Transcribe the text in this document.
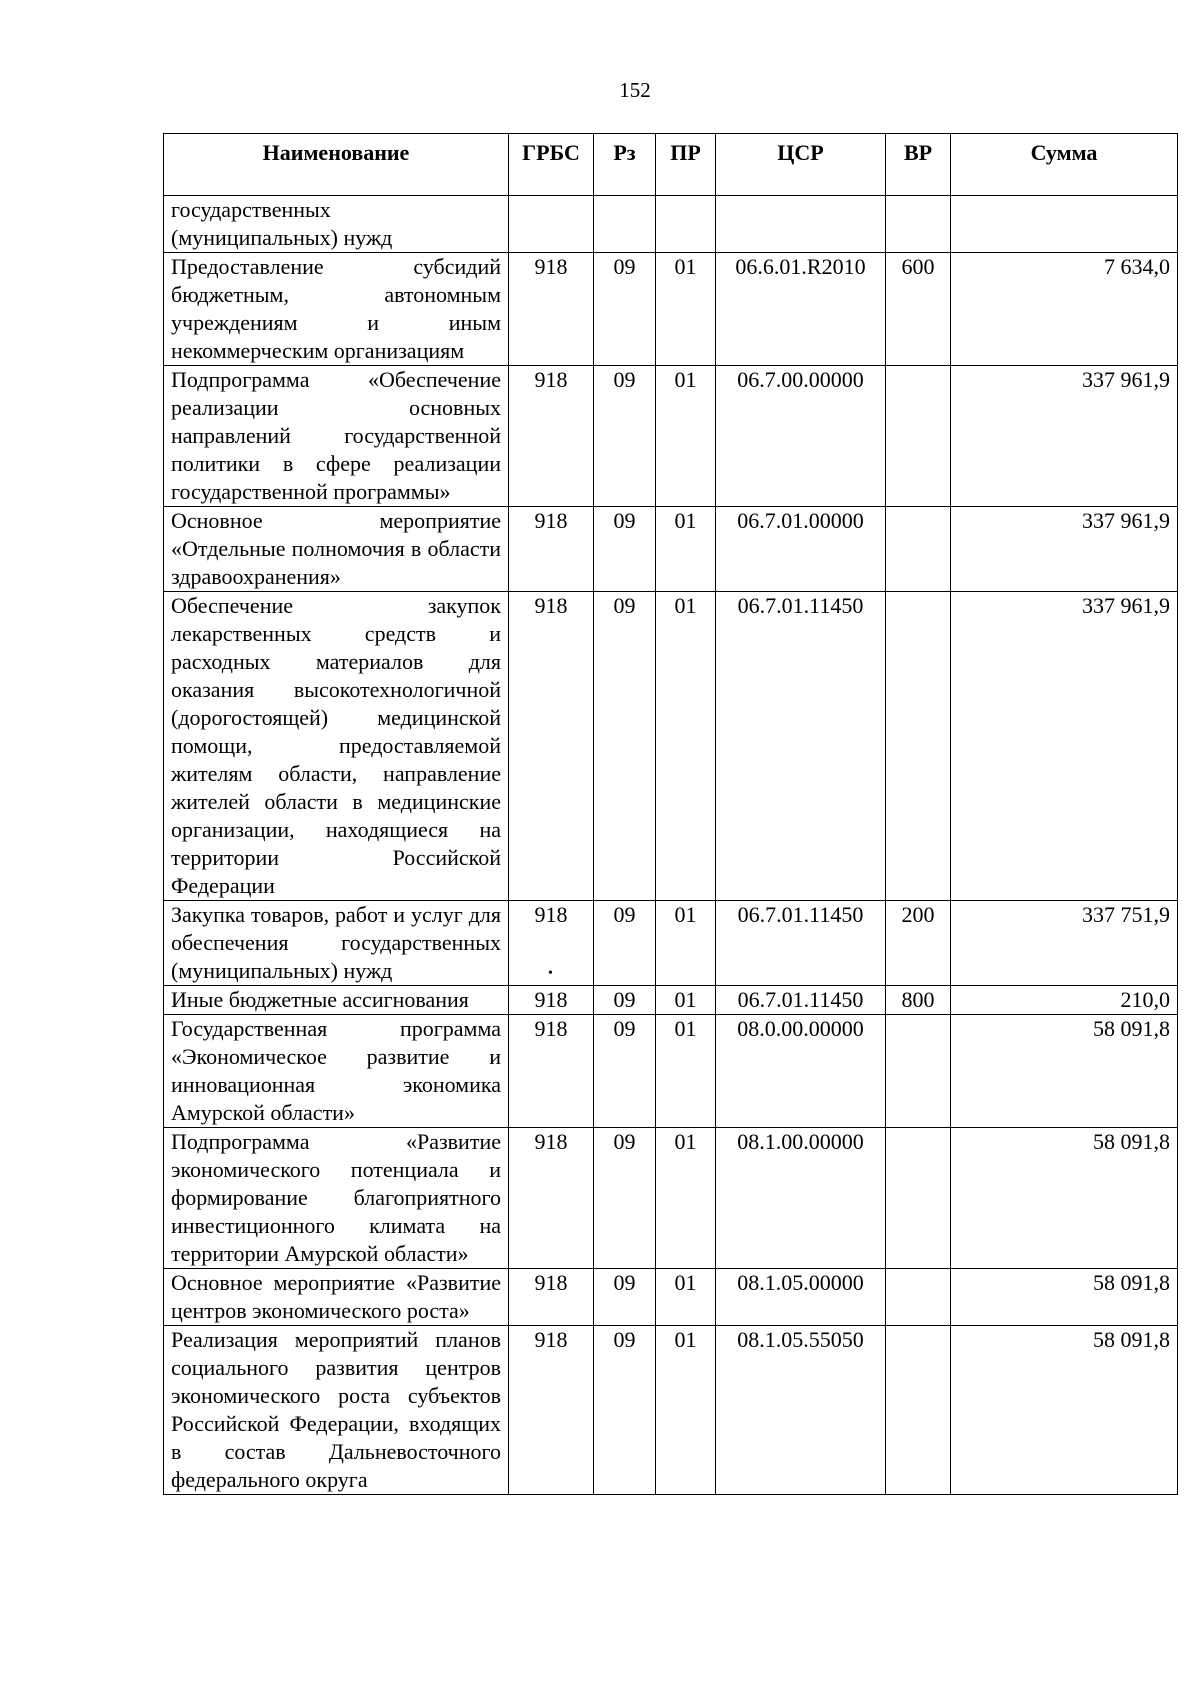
152
Наименование	ГРБС	Рз	ПР	ЦСР	ВР	Сумма
государственных (муниципальных) нужд						
Предоставление субсидий бюджетным, автономным учреждениям и иным некоммерческим организациям	918	09	01	06.6.01.R2010	600	7 634,0
Подпрограмма «Обеспечение реализации основных направлений государственной политики в сфере реализации государственной программы»	918	09	01	06.7.00.00000		337 961,9
Основное мероприятие «Отдельные полномочия в области здравоохранения»	918	09	01	06.7.01.00000		337 961,9
Обеспечение закупок лекарственных средств и расходных материалов для оказания высокотехнологичной (дорогостоящей) медицинской помощи, предоставляемой жителям области, направление жителей области в медицинские организации, находящиеся на территории Российской Федерации	918	09	01	06.7.01.11450		337 961,9
Закупка товаров, работ и услуг для обеспечения государственных (муниципальных) нужд	918	09	01	06.7.01.11450	200	337 751,9
Иные бюджетные ассигнования	918	09	01	06.7.01.11450	800	210,0
Государственная программа «Экономическое развитие и инновационная экономика Амурской области»	918	09	01	08.0.00.00000		58 091,8
Подпрограмма «Развитие экономического потенциала и формирование благоприятного инвестиционного климата на территории Амурской области»	918	09	01	08.1.00.00000		58 091,8
Основное мероприятие «Развитие центров экономического роста»	918	09	01	08.1.05.00000		58 091,8
Реализация мероприятий планов социального развития центров экономического роста субъектов Российской Федерации, входящих в состав Дальневосточного федерального округа	918	09	01	08.1.05.55050		58 091,8
•
